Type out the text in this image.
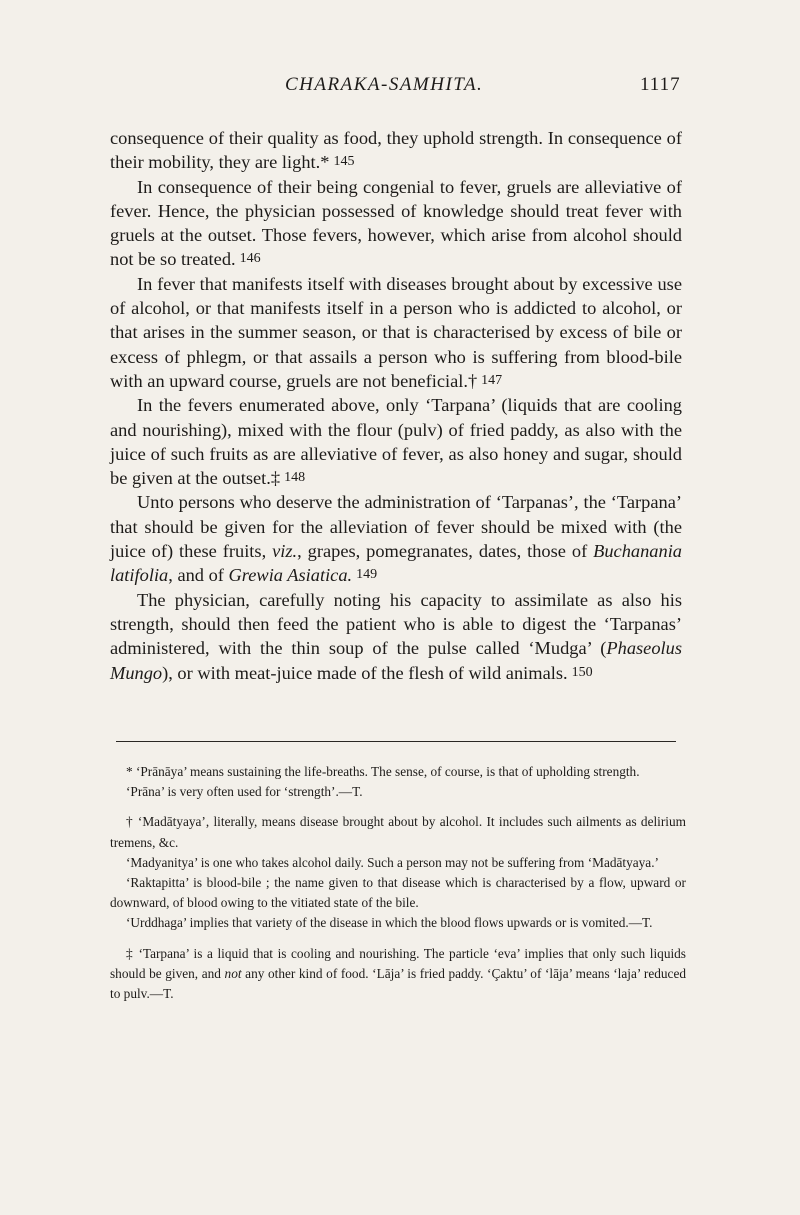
CHARAKA-SAMHITA.	1117

consequence of their quality as food, they uphold strength. In consequence of their mobility, they are light.* 145

In consequence of their being congenial to fever, gruels are alleviative of fever. Hence, the physician possessed of knowledge should treat fever with gruels at the outset. Those fevers, however, which arise from alcohol should not be so treated. 146

In fever that manifests itself with diseases brought about by excessive use of alcohol, or that manifests itself in a person who is addicted to alcohol, or that arises in the summer season, or that is characterised by excess of bile or excess of phlegm, or that assails a person who is suffering from blood-bile with an upward course, gruels are not beneficial.† 147

In the fevers enumerated above, only ‘Tarpana’ (liquids that are cooling and nourishing), mixed with the flour (pulv) of fried paddy, as also with the juice of such fruits as are alleviative of fever, as also honey and sugar, should be given at the outset.‡ 148

Unto persons who deserve the administration of ‘Tarpanas’, the ‘Tarpana’ that should be given for the alleviation of fever should be mixed with (the juice of) these fruits, viz., grapes, pomegranates, dates, those of Buchanania latifolia, and of Grewia Asiatica. 149

The physician, carefully noting his capacity to assimilate as also his strength, should then feed the patient who is able to digest the ‘Tarpanas’ administered, with the thin soup of the pulse called ‘Mudga’ (Phaseolus Mungo), or with meat-juice made of the flesh of wild animals. 150

* ‘Prānāya’ means sustaining the life-breaths. The sense, of course, is that of upholding strength.

‘Prāna’ is very often used for ‘strength’.—T.

† ‘Madātyaya’, literally, means disease brought about by alcohol. It includes such ailments as delirium tremens, &c.

‘Madyanitya’ is one who takes alcohol daily. Such a person may not be suffering from ‘Madātyaya.’

‘Raktapitta’ is blood-bile ; the name given to that disease which is characterised by a flow, upward or downward, of blood owing to the vitiated state of the bile.

‘Urddhaga’ implies that variety of the disease in which the blood flows upwards or is vomited.—T.

‡ ‘Tarpana’ is a liquid that is cooling and nourishing. The particle ‘eva’ implies that only such liquids should be given, and not any other kind of food. ‘Lāja’ is fried paddy. ‘Çaktu’ of ‘lāja’ means ‘laja’ reduced to pulv.—T.
